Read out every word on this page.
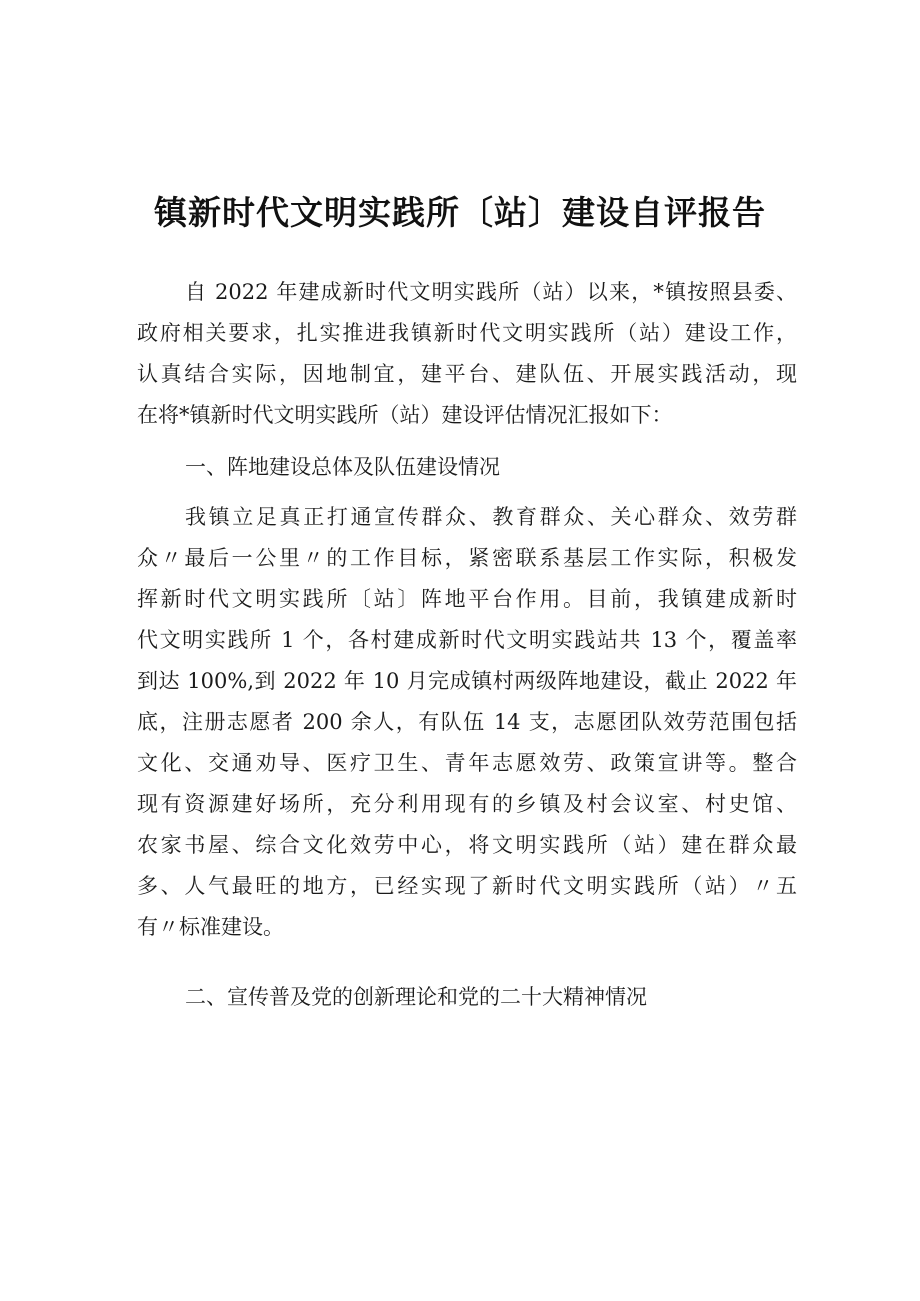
镇新时代文明实践所〔站〕建设自评报告
自 2022 年建成新时代文明实践所（站）以来，*镇按照县委、
政府相关要求，扎实推进我镇新时代文明实践所（站）建设工作，
认真结合实际，因地制宜，建平台、建队伍、开展实践活动，现
在将*镇新时代文明实践所（站）建设评估情况汇报如下：
一、阵地建设总体及队伍建设情况
我镇立足真正打通宣传群众、教育群众、关心群众、效劳群
众〃最后一公里〃的工作目标，紧密联系基层工作实际，积极发
挥新时代文明实践所〔站〕阵地平台作用。目前，我镇建成新时
代文明实践所 1 个，各村建成新时代文明实践站共 13 个，覆盖率
到达 100%,到 2022 年 10 月完成镇村两级阵地建设，截止 2022 年
底，注册志愿者 200 余人，有队伍 14 支，志愿团队效劳范围包括
文化、交通劝导、医疗卫生、青年志愿效劳、政策宣讲等。整合
现有资源建好场所，充分利用现有的乡镇及村会议室、村史馆、
农家书屋、综合文化效劳中心，将文明实践所（站）建在群众最
多、人气最旺的地方，已经实现了新时代文明实践所（站）〃五
有〃标准建设。
二、宣传普及党的创新理论和党的二十大精神情况
